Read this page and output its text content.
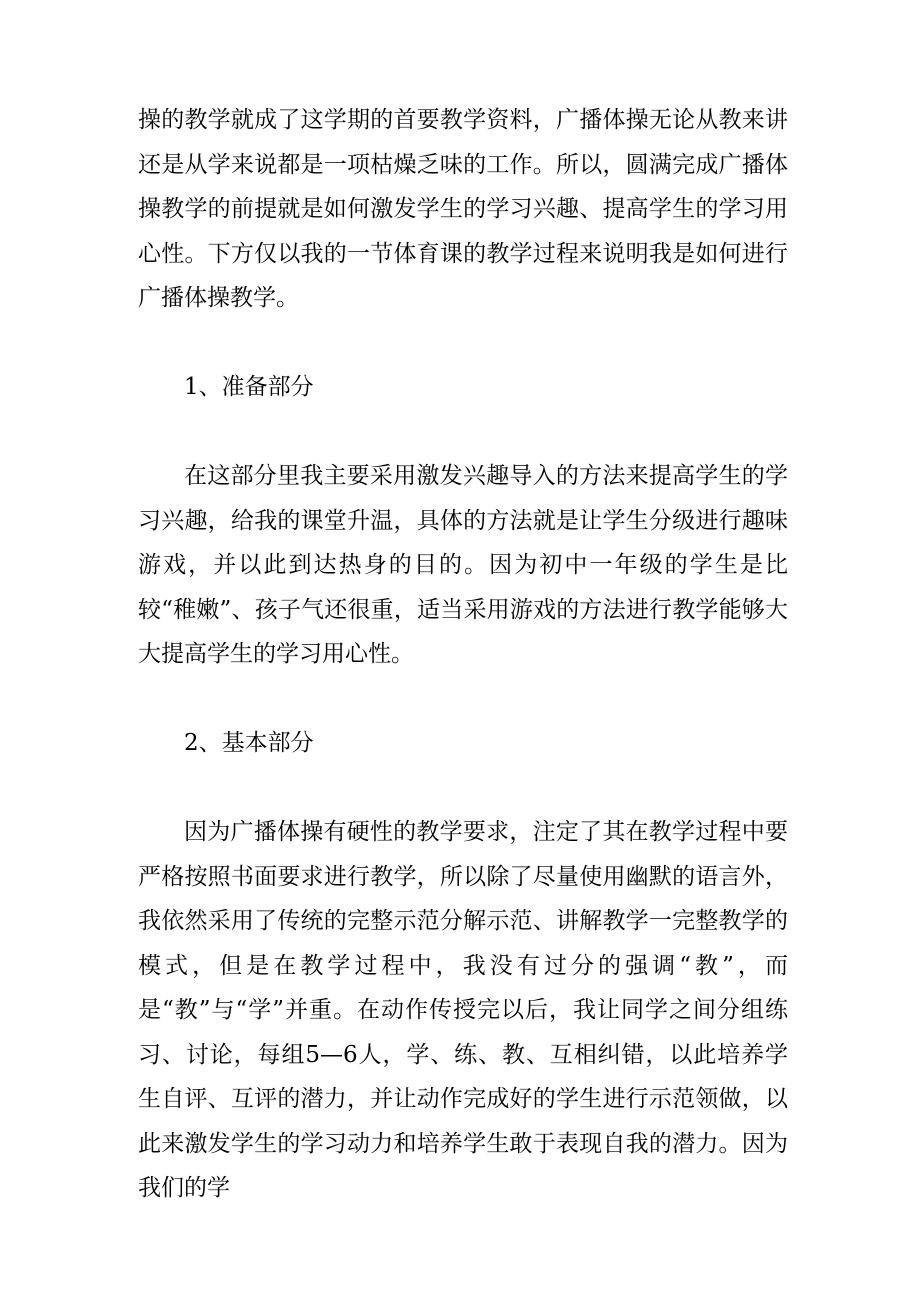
操的教学就成了这学期的首要教学资料，广播体操无论从教来讲还是从学来说都是一项枯燥乏味的工作。所以，圆满完成广播体操教学的前提就是如何激发学生的学习兴趣、提高学生的学习用心性。下方仅以我的一节体育课的教学过程来说明我是如何进行广播体操教学。

1、准备部分

在这部分里我主要采用激发兴趣导入的方法来提高学生的学习兴趣，给我的课堂升温，具体的方法就是让学生分级进行趣味游戏，并以此到达热身的目的。因为初中一年级的学生是比较“稚嫩”、孩子气还很重，适当采用游戏的方法进行教学能够大大提高学生的学习用心性。

2、基本部分

因为广播体操有硬性的教学要求，注定了其在教学过程中要严格按照书面要求进行教学，所以除了尽量使用幽默的语言外，我依然采用了传统的完整示范分解示范、讲解教学一完整教学的模式，但是在教学过程中，我没有过分的强调“教”，而是“教”与“学”并重。在动作传授完以后，我让同学之间分组练习、讨论，每组5—6人，学、练、教、互相纠错，以此培养学生自评、互评的潜力，并让动作完成好的学生进行示范领做，以此来激发学生的学习动力和培养学生敢于表现自我的潜力。因为我们的学
